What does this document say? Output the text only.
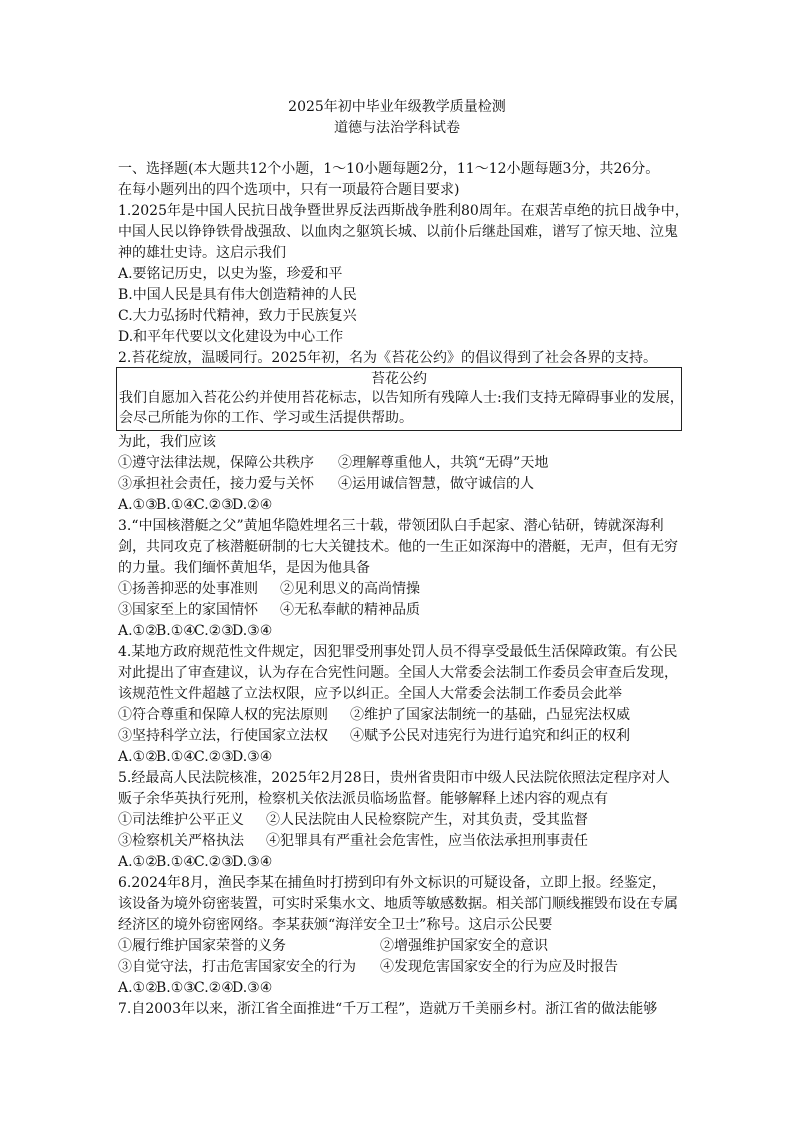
2025年初中毕业年级教学质量检测
道德与法治学科试卷
一、选择题(本大题共12个小题，1～10小题每题2分，11～12小题每题3分，共26分。
在每小题列出的四个选项中，只有一项最符合题目要求)
1.2025年是中国人民抗日战争暨世界反法西斯战争胜利80周年。在艰苦卓绝的抗日战争中，
中国人民以铮铮铁骨战强敌、以血肉之躯筑长城、以前仆后继赴国难，谱写了惊天地、泣鬼
神的雄壮史诗。这启示我们
A.要铭记历史，以史为鉴，珍爱和平
B.中国人民是具有伟大创造精神的人民
C.大力弘扬时代精神，致力于民族复兴
D.和平年代要以文化建设为中心工作
2.苔花绽放，温暖同行。2025年初，名为《苔花公约》的倡议得到了社会各界的支持。
苔花公约
我们自愿加入苔花公约并使用苔花标志，以告知所有残障人士:我们支持无障碍事业的发展，
会尽己所能为你的工作、学习或生活提供帮助。
为此，我们应该
①遵守法律法规，保障公共秩序 ②理解尊重他人，共筑“无碍”天地
③承担社会责任，接力爱与关怀 ④运用诚信智慧，做守诚信的人
A.①③B.①④C.②③D.②④
3.“中国核潜艇之父”黄旭华隐姓埋名三十载，带领团队白手起家、潜心钻研，铸就深海利
剑，共同攻克了核潜艇研制的七大关键技术。他的一生正如深海中的潜艇，无声，但有无穷
的力量。我们缅怀黄旭华，是因为他具备
①扬善抑恶的处事准则 ②见利思义的高尚情操
③国家至上的家国情怀 ④无私奉献的精神品质
A.①②B.①④C.②③D.③④
4.某地方政府规范性文件规定，因犯罪受刑事处罚人员不得享受最低生活保障政策。有公民
对此提出了审查建议，认为存在合宪性问题。全国人大常委会法制工作委员会审查后发现，
该规范性文件超越了立法权限，应予以纠正。全国人大常委会法制工作委员会此举
①符合尊重和保障人权的宪法原则 ②维护了国家法制统一的基础，凸显宪法权威
③坚持科学立法，行使国家立法权 ④赋予公民对违宪行为进行追究和纠正的权利
A.①②B.①④C.②③D.③④
5.经最高人民法院核准，2025年2月28日，贵州省贵阳市中级人民法院依照法定程序对人
贩子余华英执行死刑，检察机关依法派员临场监督。能够解释上述内容的观点有
①司法维护公平正义 ②人民法院由人民检察院产生，对其负责，受其监督
③检察机关严格执法 ④犯罪具有严重社会危害性，应当依法承担刑事责任
A.①②B.①④C.②③D.③④
6.2024年8月，渔民李某在捕鱼时打捞到印有外文标识的可疑设备，立即上报。经鉴定，
该设备为境外窃密装置，可实时采集水文、地质等敏感数据。相关部门顺线摧毁布设在专属
经济区的境外窃密网络。李某获颁“海洋安全卫士”称号。这启示公民要
①履行维护国家荣誉的义务	②增强维护国家安全的意识
③自觉守法，打击危害国家安全的行为 ④发现危害国家安全的行为应及时报告
A.①②B.①③C.②④D.③④
7.自2003年以来，浙江省全面推进“千万工程”，造就万千美丽乡村。浙江省的做法能够
